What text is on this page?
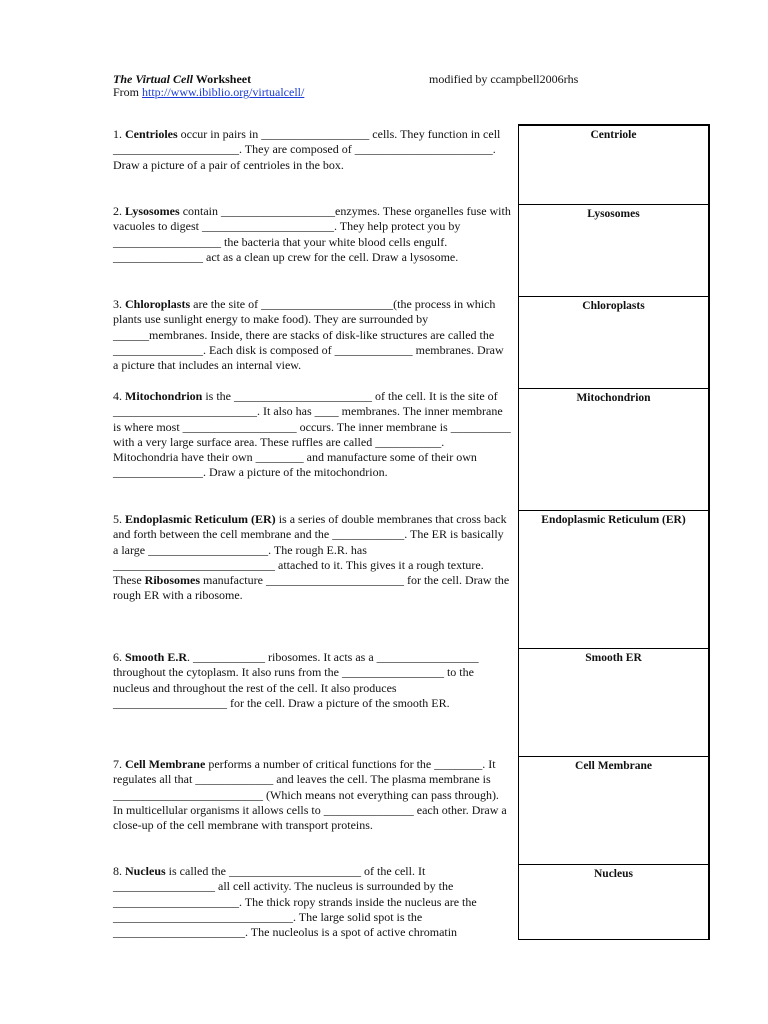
The Virtual Cell Worksheet	modified by ccampbell2006rhs
From http://www.ibiblio.org/virtualcell/

1. Centrioles occur in pairs in __________________ cells. They function in cell _____________________. They are composed of _______________________. Draw a picture of a pair of centrioles in the box.

2. Lysosomes contain ___________________enzymes. These organelles fuse with vacuoles to digest ______________________. They help protect you by __________________ the bacteria that your white blood cells engulf. _______________ act as a clean up crew for the cell. Draw a lysosome.

3. Chloroplasts are the site of ______________________(the process in which plants use sunlight energy to make food). They are surrounded by ______membranes. Inside, there are stacks of disk-like structures are called the _______________. Each disk is composed of _____________ membranes. Draw a picture that includes an internal view.

4. Mitochondrion is the _______________________ of the cell. It is the site of ________________________. It also has ____ membranes. The inner membrane is where most ___________________ occurs. The inner membrane is __________ with a very large surface area. These ruffles are called ___________. Mitochondria have their own ________ and manufacture some of their own _______________. Draw a picture of the mitochondrion.

5. Endoplasmic Reticulum (ER) is a series of double membranes that cross back and forth between the cell membrane and the ____________. The ER is basically a large ____________________. The rough E.R. has ___________________________ attached to it. This gives it a rough texture. These Ribosomes manufacture _______________________ for the cell. Draw the rough ER with a ribosome.

6. Smooth E.R. ____________ ribosomes. It acts as a _________________ throughout the cytoplasm. It also runs from the _________________ to the nucleus and throughout the rest of the cell. It also produces ___________________ for the cell. Draw a picture of the smooth ER.

7. Cell Membrane performs a number of critical functions for the ________. It regulates all that _____________ and leaves the cell. The plasma membrane is _________________________ (Which means not everything can pass through). In multicellular organisms it allows cells to _______________ each other. Draw a close-up of the cell membrane with transport proteins.

8. Nucleus is called the ______________________ of the cell. It _________________ all cell activity. The nucleus is surrounded by the _____________________. The thick ropy strands inside the nucleus are the ______________________________. The large solid spot is the ______________________. The nucleolus is a spot of active chromatin

Centriole
Lysosomes
Chloroplasts
Mitochondrion
Endoplasmic Reticulum (ER)
Smooth ER
Cell Membrane
Nucleus
